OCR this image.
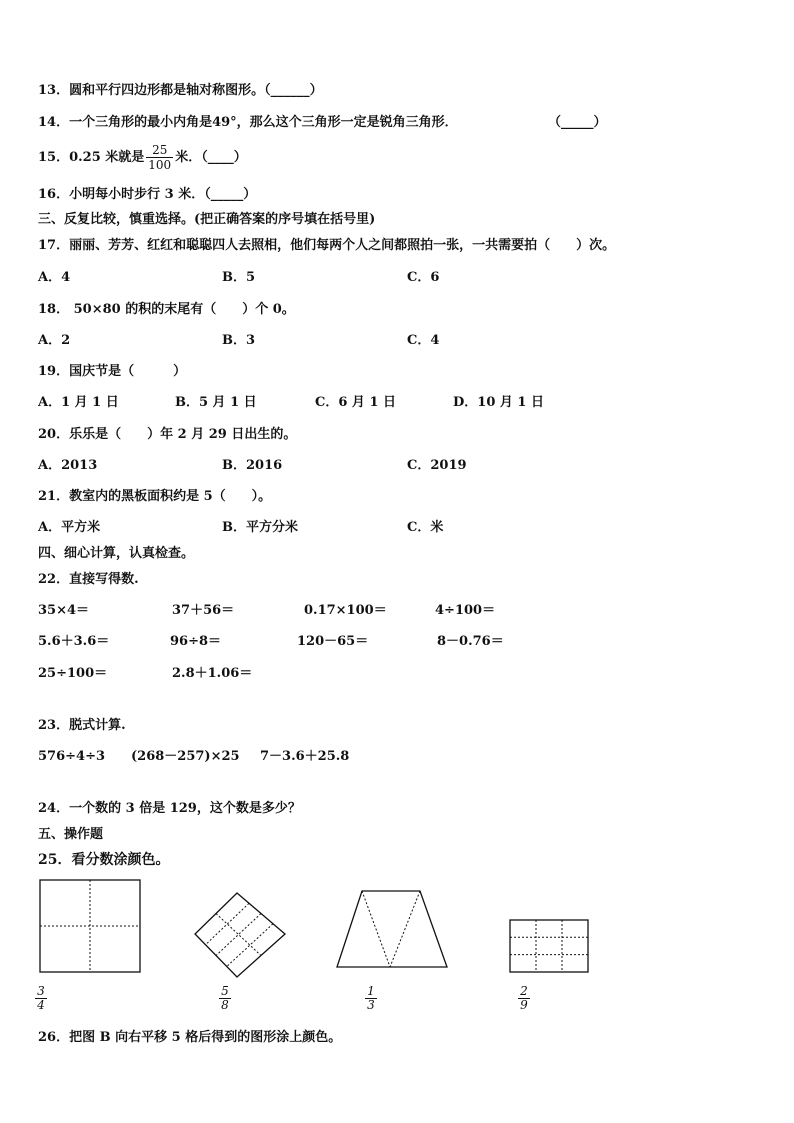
13．圆和平行四边形都是轴对称图形。（______）
14．一个三角形的最小内角是49°，那么这个三角形一定是锐角三角形．	（_____）
15．0.25 米就是 $\frac{25}{100}$ 米．（____）
16．小明每小时步行 3 米．（_____）
三、反复比较，慎重选择。(把正确答案的序号填在括号里)
17．丽丽、芳芳、红红和聪聪四人去照相，他们每两个人之间都照拍一张，一共需要拍（　　）次。
A．4	B．5	C．6
18． 50×80 的积的末尾有（　　）个 0。
A．2	B．3	C．4
19．国庆节是（　　　）
A．1 月 1 日	B．5 月 1 日	C．6 月 1 日	D．10 月 1 日
20．乐乐是（　　）年 2 月 29 日出生的。
A．2013	B．2016	C．2019
21．教室内的黑板面积约是 5（　　）。
A．平方米	B．平方分米	C．米
四、细心计算，认真检查。
22．直接写得数.
35×4＝	37＋56＝	0.17×100＝	4÷100＝
5.6＋3.6＝	96÷8＝	120－65＝	8－0.76＝
25÷100＝	2.8＋1.06＝
23．脱式计算.
576÷4÷3 (268－257)×25 7－3.6＋25.8
24．一个数的 3 倍是 129，这个数是多少？
五、操作题
25．看分数涂颜色。
$\frac{3}{4}$	$\frac{5}{8}$	$\frac{1}{3}$	$\frac{2}{9}$
26．把图 B 向右平移 5 格后得到的图形涂上颜色。
